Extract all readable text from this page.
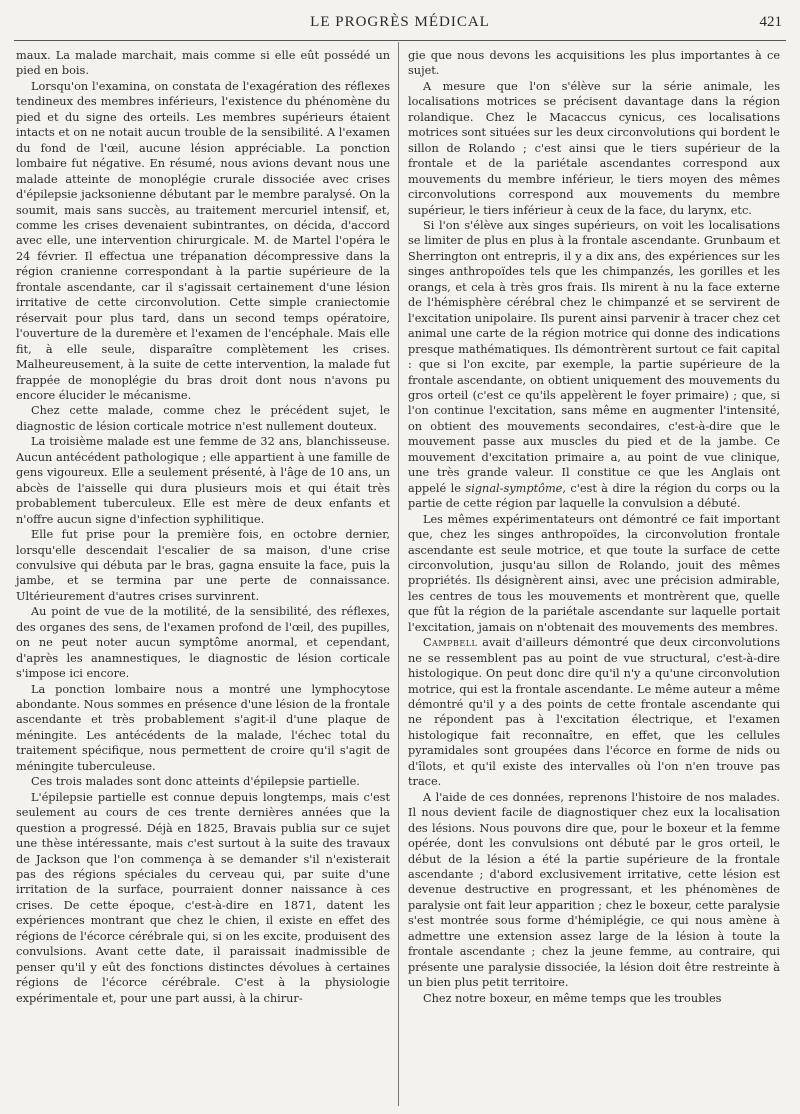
LE PROGRÈS MÉDICAL	421

maux. La malade marchait, mais comme si elle eût possédé un pied en bois.

Lorsqu'on l'examina, on constata de l'exagération des réflexes tendineux des membres inférieurs, l'existence du phénomène du pied et du signe des orteils. Les membres supérieurs étaient intacts et on ne notait aucun trouble de la sensibilité. A l'examen du fond de l'œil, aucune lésion appréciable. La ponction lombaire fut négative. En résumé, nous avions devant nous une malade atteinte de monoplégie crurale dissociée avec crises d'épilepsie jacksonienne débutant par le membre paralysé. On la soumit, mais sans succès, au traitement mercuriel intensif, et, comme les crises devenaient subintrantes, on décida, d'accord avec elle, une intervention chirurgicale. M. de Martel l'opéra le 24 février. Il effectua une trépanation décompressive dans la région cranienne correspondant à la partie supérieure de la frontale ascendante, car il s'agissait certainement d'une lésion irritative de cette circonvolution. Cette simple craniectomie réservait pour plus tard, dans un second temps opératoire, l'ouverture de la duremère et l'examen de l'encéphale. Mais elle fit, à elle seule, disparaître complètement les crises. Malheureusement, à la suite de cette intervention, la malade fut frappée de monoplégie du bras droit dont nous n'avons pu encore élucider le mécanisme.

Chez cette malade, comme chez le précédent sujet, le diagnostic de lésion corticale motrice n'est nullement douteux.

La troisième malade est une femme de 32 ans, blanchisseuse. Aucun antécédent pathologique ; elle appartient à une famille de gens vigoureux. Elle a seulement présenté, à l'âge de 10 ans, un abcès de l'aisselle qui dura plusieurs mois et qui était très probablement tuberculeux. Elle est mère de deux enfants et n'offre aucun signe d'infection syphilitique.

Elle fut prise pour la première fois, en octobre dernier, lorsqu'elle descendait l'escalier de sa maison, d'une crise convulsive qui débuta par le bras, gagna ensuite la face, puis la jambe, et se termina par une perte de connaissance. Ultérieurement d'autres crises survinrent.

Au point de vue de la motilité, de la sensibilité, des réflexes, des organes des sens, de l'examen profond de l'œil, des pupilles, on ne peut noter aucun symptôme anormal, et cependant, d'après les anamnestiques, le diagnostic de lésion corticale s'impose ici encore.

La ponction lombaire nous a montré une lymphocytose abondante. Nous sommes en présence d'une lésion de la frontale ascendante et très probablement s'agit-il d'une plaque de méningite. Les antécédents de la malade, l'échec total du traitement spécifique, nous permettent de croire qu'il s'agit de méningite tuberculeuse.

Ces trois malades sont donc atteints d'épilepsie partielle.

L'épilepsie partielle est connue depuis longtemps, mais c'est seulement au cours de ces trente dernières années que la question a progressé. Déjà en 1825, Bravais publia sur ce sujet une thèse intéressante, mais c'est surtout à la suite des travaux de Jackson que l'on commença à se demander s'il n'existerait pas des régions spéciales du cerveau qui, par suite d'une irritation de la surface, pourraient donner naissance à ces crises. De cette époque, c'est-à-dire en 1871, datent les expériences montrant que chez le chien, il existe en effet des régions de l'écorce cérébrale qui, si on les excite, produisent des convulsions. Avant cette date, il paraissait inadmissible de penser qu'il y eût des fonctions distinctes dévolues à certaines régions de l'écorce cérébrale. C'est à la physiologie expérimentale et, pour une part aussi, à la chirur-

gie que nous devons les acquisitions les plus importantes à ce sujet.

A mesure que l'on s'élève sur la série animale, les localisations motrices se précisent davantage dans la région rolandique. Chez le Macaccus cynicus, ces localisations motrices sont situées sur les deux circonvolutions qui bordent le sillon de Rolando ; c'est ainsi que le tiers supérieur de la frontale et de la pariétale ascendantes correspond aux mouvements du membre inférieur, le tiers moyen des mêmes circonvolutions correspond aux mouvements du membre supérieur, le tiers inférieur à ceux de la face, du larynx, etc.

Si l'on s'élève aux singes supérieurs, on voit les localisations se limiter de plus en plus à la frontale ascendante. Grunbaum et Sherrington ont entrepris, il y a dix ans, des expériences sur les singes anthropoïdes tels que les chimpanzés, les gorilles et les orangs, et cela à très gros frais. Ils mirent à nu la face externe de l'hémisphère cérébral chez le chimpanzé et se servirent de l'excitation unipolaire. Ils purent ainsi parvenir à tracer chez cet animal une carte de la région motrice qui donne des indications presque mathématiques. Ils démontrèrent surtout ce fait capital : que si l'on excite, par exemple, la partie supérieure de la frontale ascendante, on obtient uniquement des mouvements du gros orteil (c'est ce qu'ils appelèrent le foyer primaire) ; que, si l'on continue l'excitation, sans même en augmenter l'intensité, on obtient des mouvements secondaires, c'est-à-dire que le mouvement passe aux muscles du pied et de la jambe. Ce mouvement d'excitation primaire a, au point de vue clinique, une très grande valeur. Il constitue ce que les Anglais ont appelé le signal-symptôme, c'est à dire la région du corps ou la partie de cette région par laquelle la convulsion a débuté.

Les mêmes expérimentateurs ont démontré ce fait important que, chez les singes anthropoïdes, la circonvolution frontale ascendante est seule motrice, et que toute la surface de cette circonvolution, jusqu'au sillon de Rolando, jouit des mêmes propriétés. Ils désignèrent ainsi, avec une précision admirable, les centres de tous les mouvements et montrèrent que, quelle que fût la région de la pariétale ascendante sur laquelle portait l'excitation, jamais on n'obtenait des mouvements des membres.

Campbell avait d'ailleurs démontré que deux circonvolutions ne se ressemblent pas au point de vue structural, c'est-à-dire histologique. On peut donc dire qu'il n'y a qu'une circonvolution motrice, qui est la frontale ascendante. Le même auteur a même démontré qu'il y a des points de cette frontale ascendante qui ne répondent pas à l'excitation électrique, et l'examen histologique fait reconnaître, en effet, que les cellules pyramidales sont groupées dans l'écorce en forme de nids ou d'îlots, et qu'il existe des intervalles où l'on n'en trouve pas trace.

A l'aide de ces données, reprenons l'histoire de nos malades. Il nous devient facile de diagnostiquer chez eux la localisation des lésions. Nous pouvons dire que, pour le boxeur et la femme opérée, dont les convulsions ont débuté par le gros orteil, le début de la lésion a été la partie supérieure de la frontale ascendante ; d'abord exclusivement irritative, cette lésion est devenue destructive en progressant, et les phénomènes de paralysie ont fait leur apparition ; chez le boxeur, cette paralysie s'est montrée sous forme d'hémiplégie, ce qui nous amène à admettre une extension assez large de la lésion à toute la frontale ascendante ; chez la jeune femme, au contraire, qui présente une paralysie dissociée, la lésion doit être restreinte à un bien plus petit territoire.

Chez notre boxeur, en même temps que les troubles
